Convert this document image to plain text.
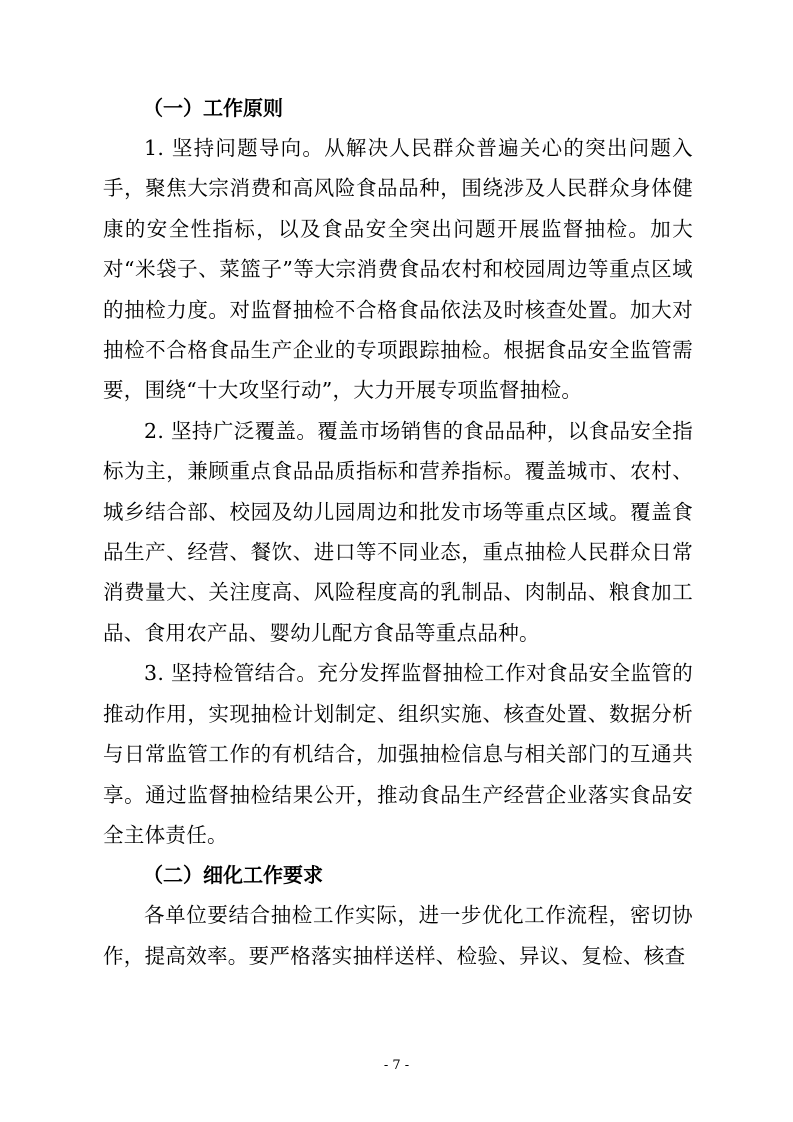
（一）工作原则

1. 坚持问题导向。从解决人民群众普遍关心的突出问题入手，聚焦大宗消费和高风险食品品种，围绕涉及人民群众身体健康的安全性指标，以及食品安全突出问题开展监督抽检。加大对“米袋子、菜篮子”等大宗消费食品农村和校园周边等重点区域的抽检力度。对监督抽检不合格食品依法及时核查处置。加大对抽检不合格食品生产企业的专项跟踪抽检。根据食品安全监管需要，围绕“十大攻坚行动”，大力开展专项监督抽检。

2. 坚持广泛覆盖。覆盖市场销售的食品品种，以食品安全指标为主，兼顾重点食品品质指标和营养指标。覆盖城市、农村、城乡结合部、校园及幼儿园周边和批发市场等重点区域。覆盖食品生产、经营、餐饮、进口等不同业态，重点抽检人民群众日常消费量大、关注度高、风险程度高的乳制品、肉制品、粮食加工品、食用农产品、婴幼儿配方食品等重点品种。

3. 坚持检管结合。充分发挥监督抽检工作对食品安全监管的推动作用，实现抽检计划制定、组织实施、核查处置、数据分析与日常监管工作的有机结合，加强抽检信息与相关部门的互通共享。通过监督抽检结果公开，推动食品生产经营企业落实食品安全主体责任。

（二）细化工作要求

各单位要结合抽检工作实际，进一步优化工作流程，密切协作，提高效率。要严格落实抽样送样、检验、异议、复检、核查

- 7 -
